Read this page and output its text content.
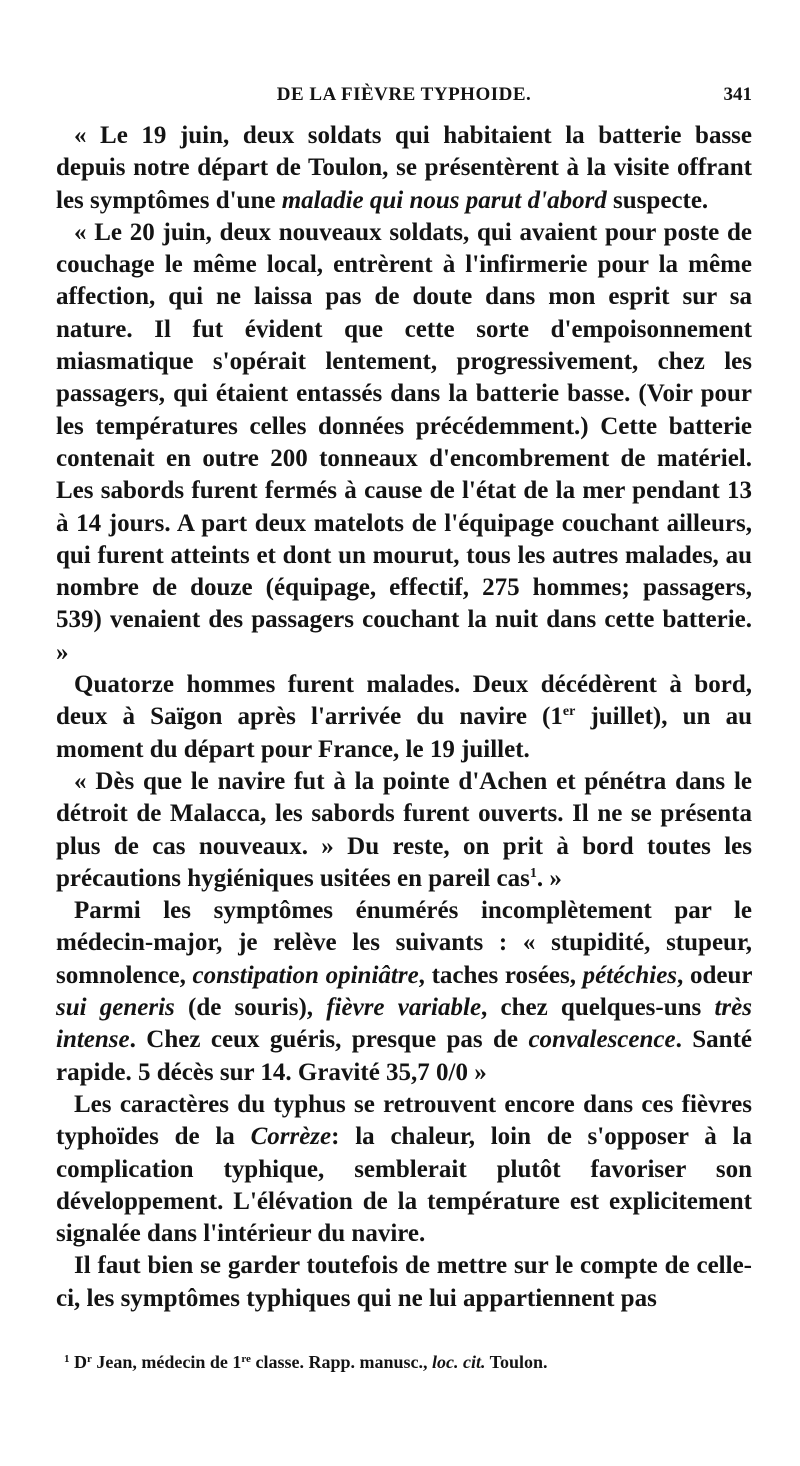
DE LA FIÈVRE TYPHOIDE.	341

« Le 19 juin, deux soldats qui habitaient la batterie basse depuis notre départ de Toulon, se présentèrent à la visite offrant les symptômes d'une maladie qui nous parut d'abord suspecte.

« Le 20 juin, deux nouveaux soldats, qui avaient pour poste de couchage le même local, entrèrent à l'infirmerie pour la même affection, qui ne laissa pas de doute dans mon esprit sur sa nature. Il fut évident que cette sorte d'empoisonnement miasmatique s'opérait lentement, progressivement, chez les passagers, qui étaient entassés dans la batterie basse. (Voir pour les températures celles données précédemment.) Cette batterie contenait en outre 200 tonneaux d'encombrement de matériel. Les sabords furent fermés à cause de l'état de la mer pendant 13 à 14 jours. A part deux matelots de l'équipage couchant ailleurs, qui furent atteints et dont un mourut, tous les autres malades, au nombre de douze (équipage, effectif, 275 hommes; passagers, 539) venaient des passagers couchant la nuit dans cette batterie. »

Quatorze hommes furent malades. Deux décédèrent à bord, deux à Saïgon après l'arrivée du navire (1er juillet), un au moment du départ pour France, le 19 juillet.

« Dès que le navire fut à la pointe d'Achen et pénétra dans le détroit de Malacca, les sabords furent ouverts. Il ne se présenta plus de cas nouveaux. » Du reste, on prit à bord toutes les précautions hygiéniques usitées en pareil cas$^1$. »

Parmi les symptômes énumérés incomplètement par le médecin-major, je relève les suivants : « stupidité, stupeur, somnolence, constipation opiniâtre, taches rosées, pétéchies, odeur sui generis (de souris), fièvre variable, chez quelques-uns très intense. Chez ceux guéris, presque pas de convalescence. Santé rapide. 5 décès sur 14. Gravité 35,7 0/0 »

Les caractères du typhus se retrouvent encore dans ces fièvres typhoïdes de la Corrèze: la chaleur, loin de s'opposer à la complication typhique, semblerait plutôt favoriser son développement. L'élévation de la température est explicitement signalée dans l'intérieur du navire.

Il faut bien se garder toutefois de mettre sur le compte de celle-ci, les symptômes typhiques qui ne lui appartiennent pas

$^1$ $D^r$ Jean, médecin de 1re classe. Rapp. manusc., loc. cit. Toulon.
